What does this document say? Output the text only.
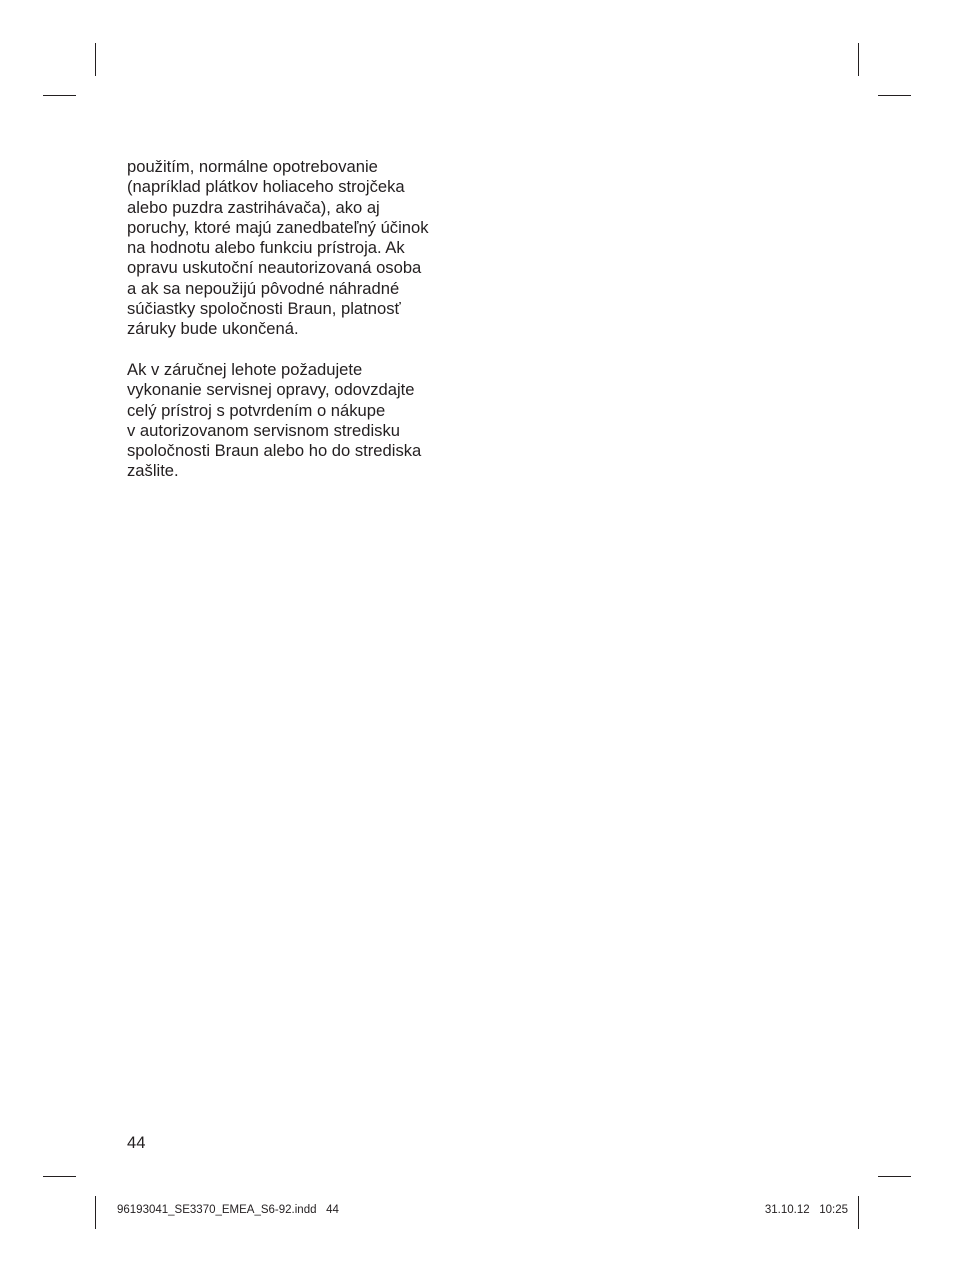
použitím, normálne opotrebovanie
(napríklad plátkov holiaceho strojčeka
alebo puzdra zastrihávača), ako aj
poruchy, ktoré majú zanedbateľný účinok
na hodnotu alebo funkciu prístroja. Ak
opravu uskutoční neautorizovaná osoba
a ak sa nepoužijú pôvodné náhradné
súčiastky spoločnosti Braun, platnosť
záruky bude ukončená.

Ak v záručnej lehote požadujete
vykonanie servisnej opravy, odovzdajte
celý prístroj s potvrdením o nákupe
v autorizovanom servisnom stredisku
spoločnosti Braun alebo ho do strediska
zašlite.

44
96193041_SE3370_EMEA_S6-92.indd   44	31.10.12   10:25
